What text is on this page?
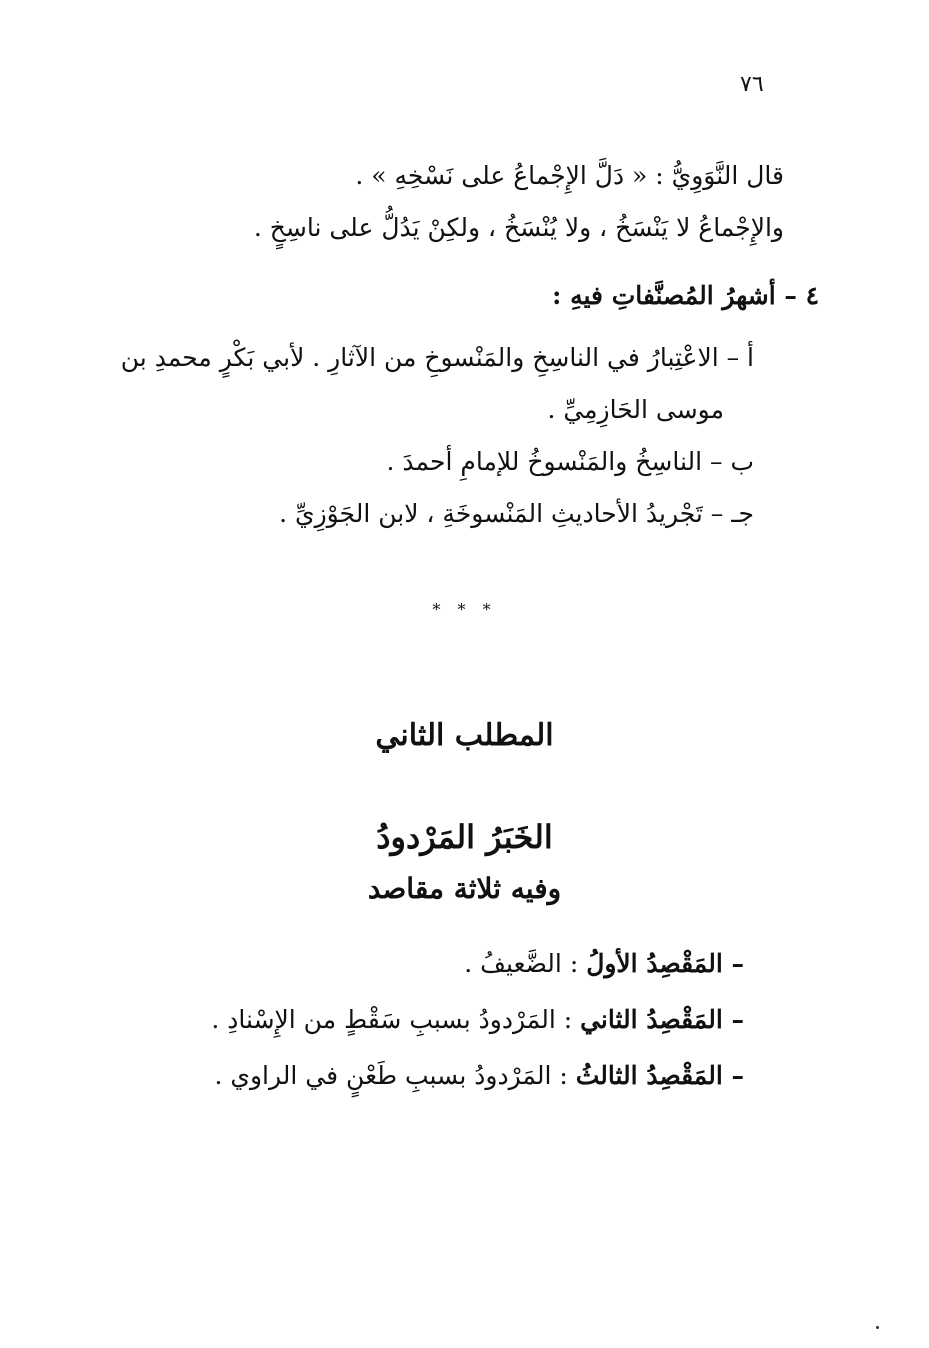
٧٦
قال النَّوَوِيُّ : « دَلَّ الإِجْماعُ على نَسْخِهِ » .
والإِجْماعُ لا يَنْسَخُ ، ولا يُنْسَخُ ، ولكِنْ يَدُلُّ على ناسِخٍ .
٤ – أشهرُ المُصنَّفاتِ فيهِ :
أ – الاعْتِبارُ في الناسِخِ والمَنْسوخِ من الآثارِ . لأبي بَكْرٍ محمدِ بن
موسى الحَازِمِيِّ .
ب – الناسِخُ والمَنْسوخُ للإمامِ أحمدَ .
جـ – تَجْريدُ الأحاديثِ المَنْسوخَةِ ، لابن الجَوْزِيِّ .
* * *
المطلب الثاني
الخَبَرُ المَرْدودُ
وفيه ثلاثة مقاصد
– المَقْصِدُ الأولُ : الضَّعيفُ .
– المَقْصِدُ الثاني : المَرْدودُ بسببِ سَقْطٍ من الإِسْنادِ .
– المَقْصِدُ الثالثُ : المَرْدودُ بسببِ طَعْنٍ في الراوي .
